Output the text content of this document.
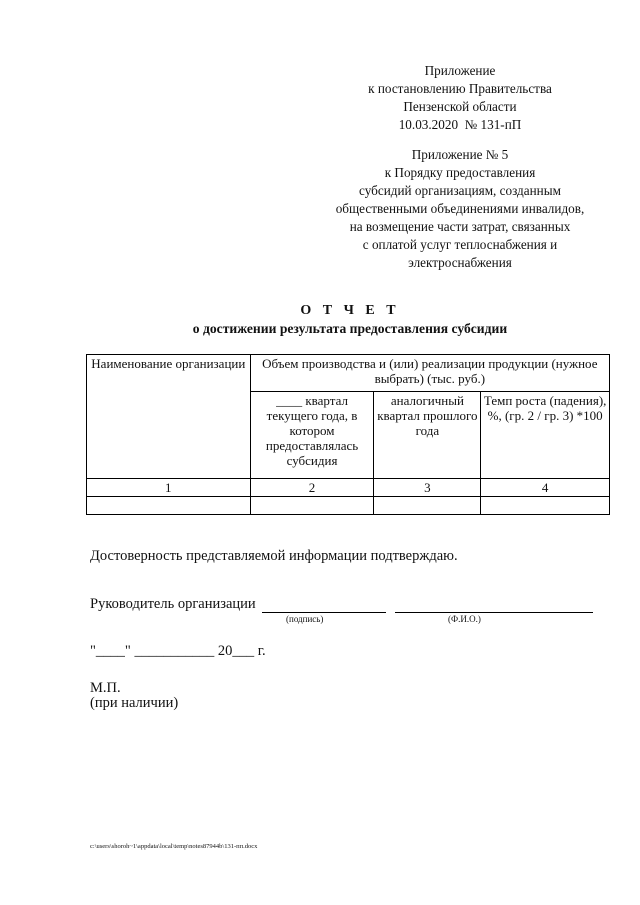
Приложение
к постановлению Правительства
Пензенской области
10.03.2020  № 131-пП
Приложение № 5
к Порядку предоставления
субсидий организациям, созданным
общественными объединениями инвалидов,
на возмещение части затрат, связанных
с оплатой услуг теплоснабжения и
электроснабжения
О Т Ч Е Т
о достижении результата предоставления субсидии
Наименование организации	Объем производства и (или) реализации продукции (нужное выбрать) (тыс. руб.)		
	____ квартал текущего года, в котором предоставлялась субсидия	аналогичный квартал прошлого года	Темп роста (падения), %, (гр. 2 / гр. 3) *100
1	2	3	4

Достоверность представляемой информации подтверждаю.
Руководитель организации
(подпись)	(Ф.И.О.)
"____" ___________ 20___ г.
М.П.
(при наличии)
c:\users\shoroh~1\appdata\local\temp\notes87944b\131-пп.docx
